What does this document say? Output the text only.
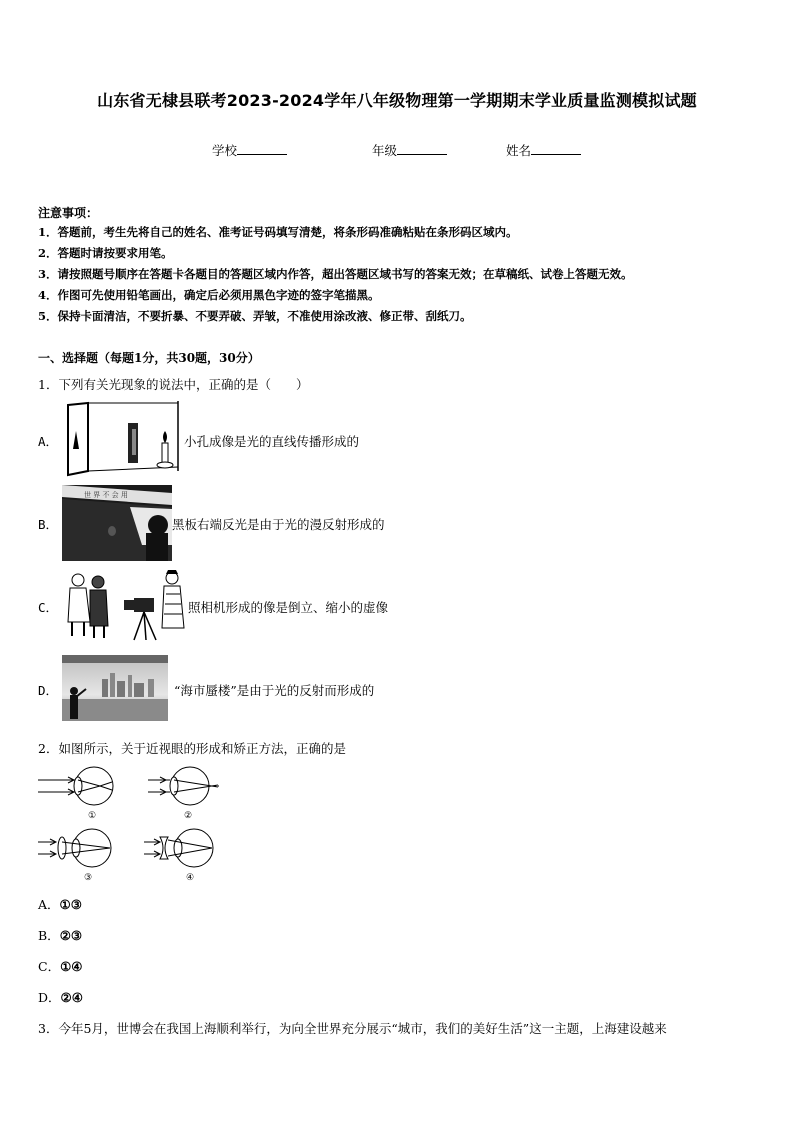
山东省无棣县联考2023-2024学年八年级物理第一学期期末学业质量监测模拟试题
学校	年级	姓名
注意事项：
1．答题前，考生先将自己的姓名、准考证号码填写清楚，将条形码准确粘贴在条形码区域内。
2．答题时请按要求用笔。
3．请按照题号顺序在答题卡各题目的答题区域内作答，超出答题区域书写的答案无效；在草稿纸、试卷上答题无效。
4．作图可先使用铅笔画出，确定后必须用黑色字迹的签字笔描黑。
5．保持卡面清洁，不要折暴、不要弄破、弄皱，不准使用涂改液、修正带、刮纸刀。
一、选择题（每题1分，共30题，30分）
1．下列有关光现象的说法中，正确的是（　　）
A．	小孔成像是光的直线传播形成的
B．
世 界 不 会 用
黑板右端反光是由于光的漫反射形成的
C．	照相机形成的像是倒立、缩小的虚像
D．	“海市蜃楼”是由于光的反射而形成的
2．如图所示，关于近视眼的形成和矫正方法，正确的是
①	②
③	④
A．①③
B．②③
C．①④
D．②④
3．今年5月，世博会在我国上海顺利举行，为向全世界充分展示“城市，我们的美好生活”这一主题，上海建设越来
